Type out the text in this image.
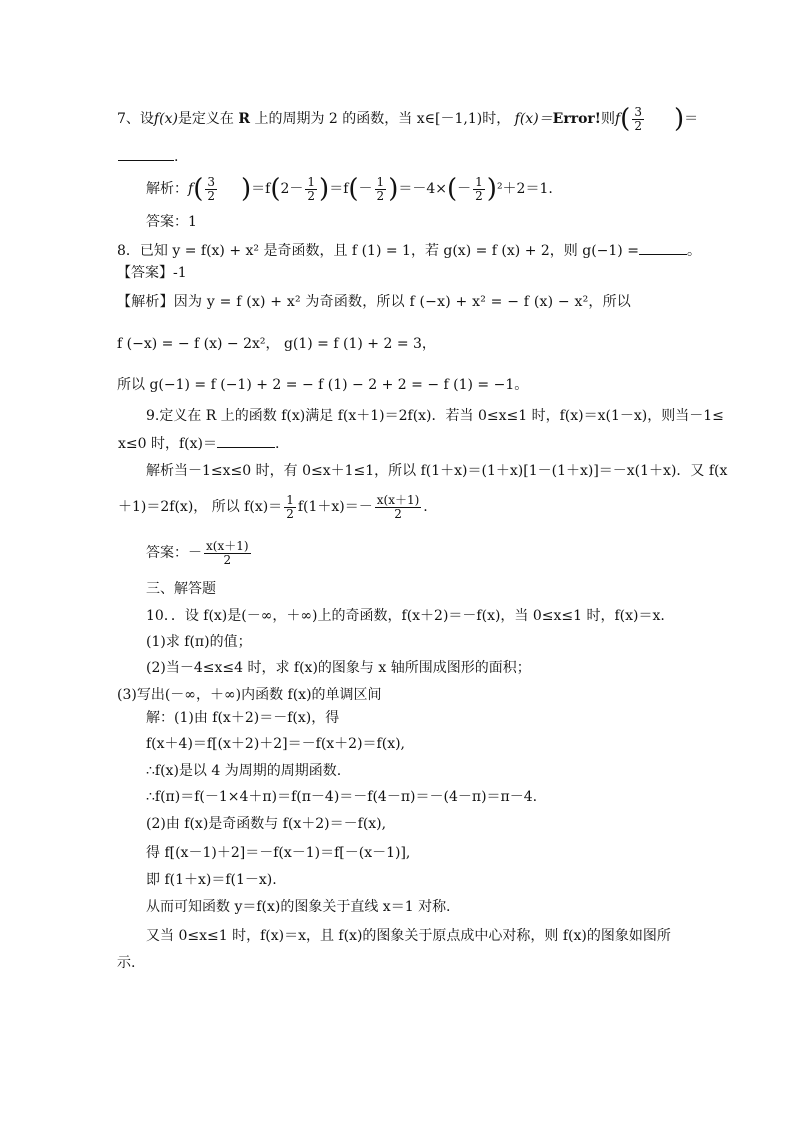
7、设f(x)是定义在 R 上的周期为 2 的函数，当 x∈[－1,1)时， f(x)＝Error!则$f( \frac{3}{2}$ )＝
.
解析：$f( \frac{3}{2} )=f(2- \frac{1}{2} )=f(- \frac{1}{2} )=-4\times(- \frac{1}{2} )^2+2=1$.
答案：1
8．已知 y = f(x) + x² 是奇函数，且 f (1) = 1，若 g(x) = f (x) + 2，则 g(−1) =	。
【答案】-1
【解析】因为 y = f (x) + x² 为奇函数，所以 f (−x) + x² = − f (x) − x²，所以
f (−x) = − f (x) − 2x²， g(1) = f (1) + 2 = 3，
所以 g(−1) = f (−1) + 2 = − f (1) − 2 + 2 = − f (1) = −1。
9.定义在 R 上的函数 f(x)满足 f(x＋1)＝2f(x)．若当 0≤x≤1 时，f(x)＝x(1－x)，则当－1≤
x≤0 时，f(x)＝	.
解析当－1≤x≤0 时，有 0≤x＋1≤1，所以 f(1＋x)＝(1＋x)[1－(1＋x)]＝－x(1＋x)．又 f(x
＋1)＝2f(x)， 所以 $f(x)= \frac{1}{2} f(1+x)=- \frac{x(x+1)}{2}$ .
答案：－ $\frac{x(x+1)}{2}$
三、解答题
10．．设 f(x)是(－∞，＋∞)上的奇函数，f(x＋2)＝－f(x)，当 0≤x≤1 时，f(x)＝x.
(1)求 f(π)的值；
(2)当－4≤x≤4 时，求 f(x)的图象与 x 轴所围成图形的面积；
(3)写出(－∞，＋∞)内函数 f(x)的单调区间
解：(1)由 f(x＋2)＝－f(x)，得
f(x＋4)＝f[(x＋2)＋2]＝－f(x＋2)＝f(x),
∴f(x)是以 4 为周期的周期函数.
∴f(π)＝f(－1×4＋π)＝f(π－4)＝－f(4－π)＝－(4－π)＝π－4.
(2)由 f(x)是奇函数与 f(x＋2)＝－f(x),
得 f[(x－1)＋2]＝－f(x－1)＝f[－(x－1)],
即 f(1＋x)＝f(1－x).
从而可知函数 y＝f(x)的图象关于直线 x＝1 对称.
又当 0≤x≤1 时，f(x)＝x，且 f(x)的图象关于原点成中心对称，则 f(x)的图象如图所
示.
